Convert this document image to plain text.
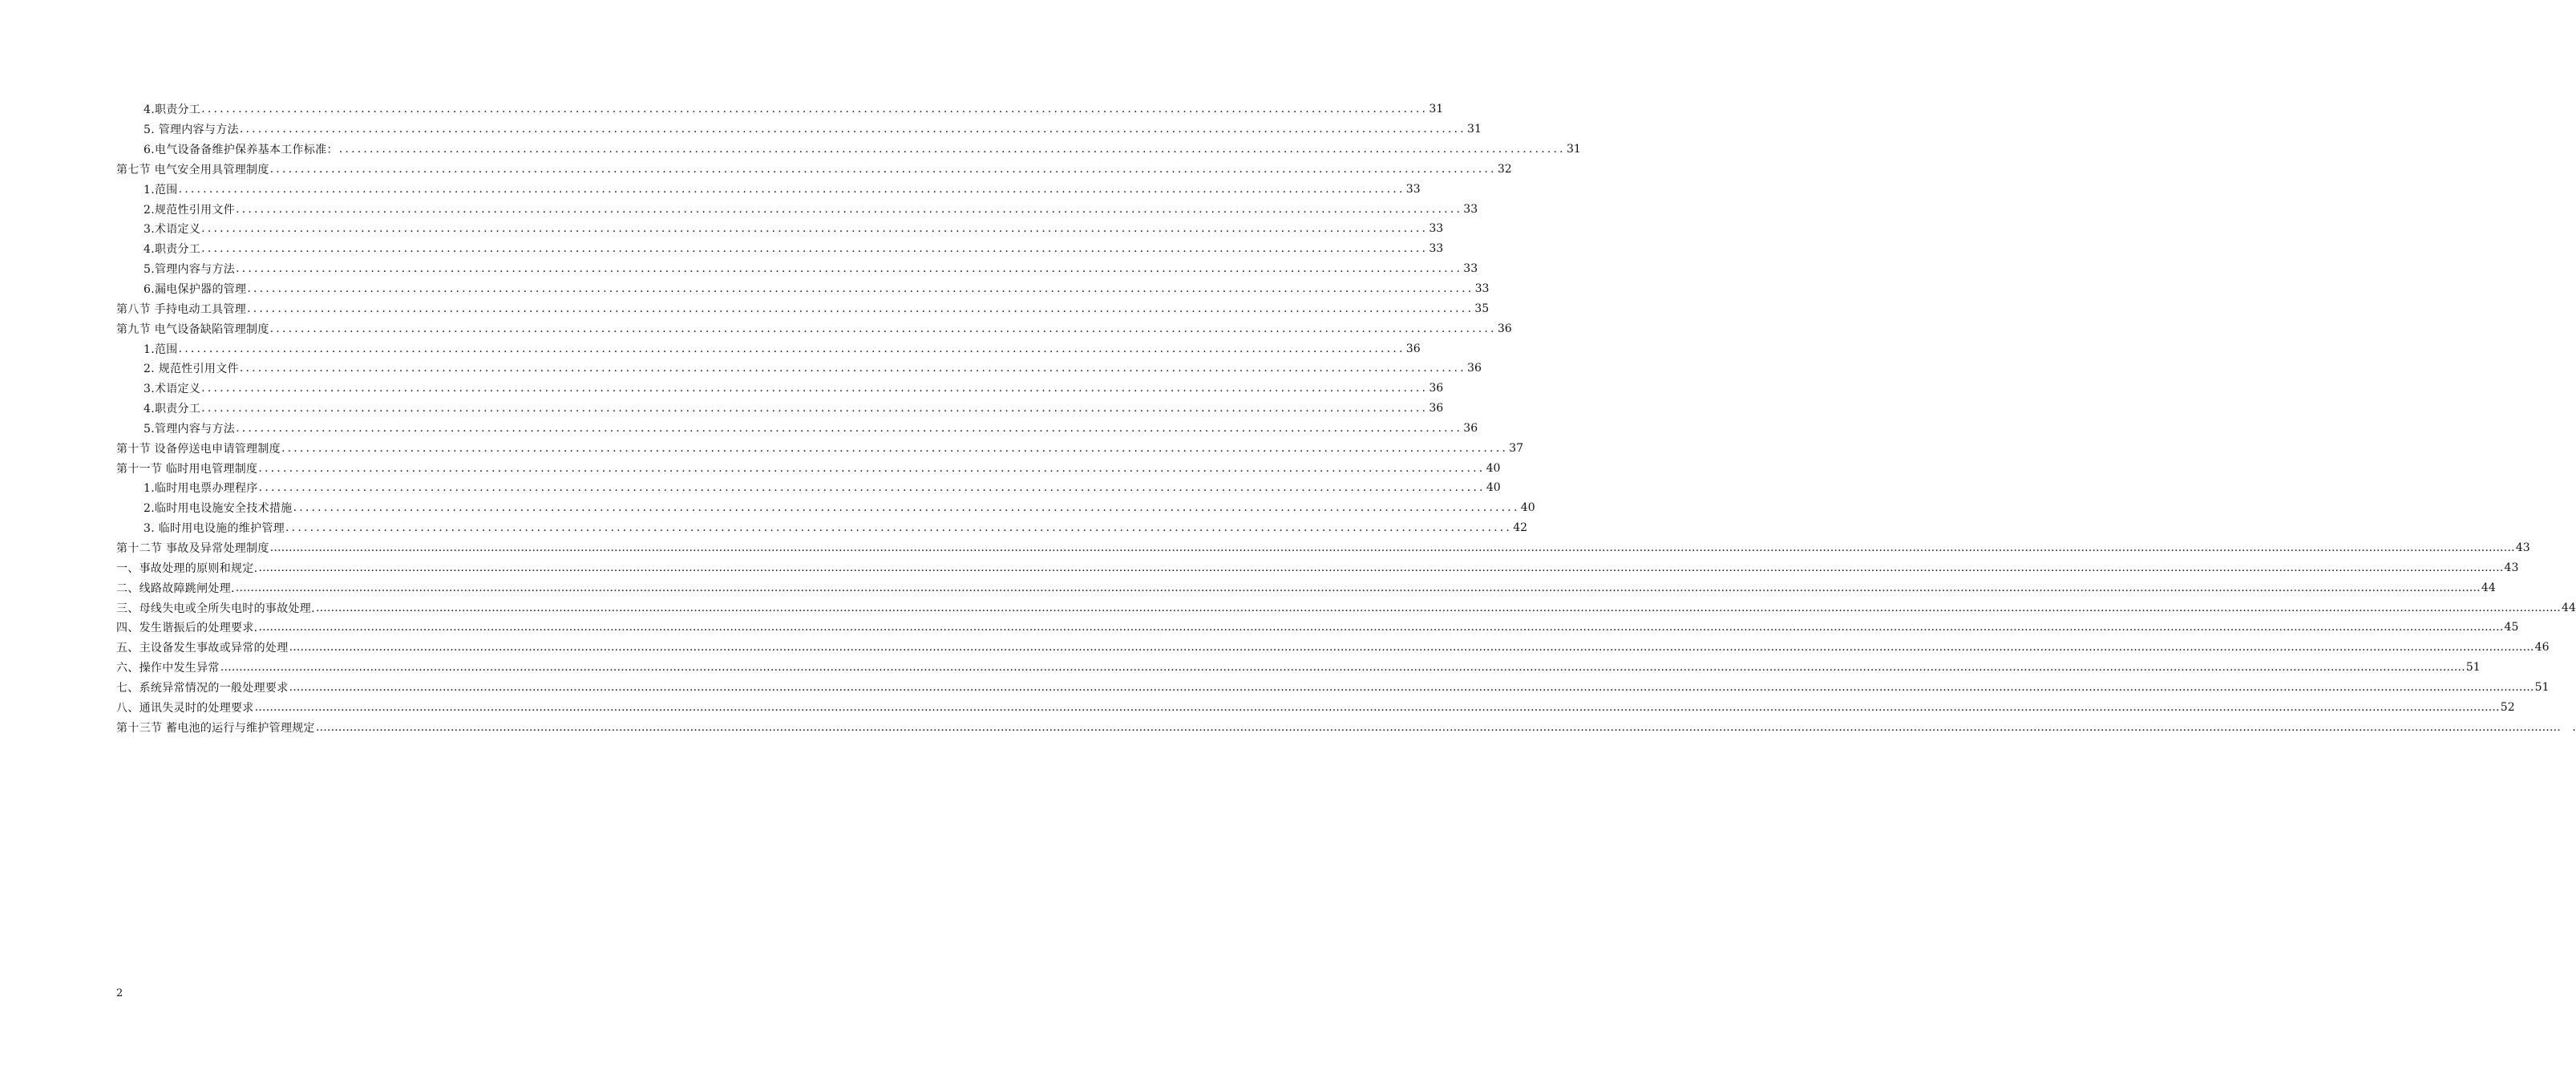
4.职责分工 ........................................................................................................................................................................................................ 31
5. 管理内容与方法 ........................................................................................................................................................................................................ 31
6.电气设备备维护保养基本工作标准： ........................................................................................................................................................................................................ 31
第七节 电气安全用具管理制度 ........................................................................................................................................................................................................ 32
1.范围 ........................................................................................................................................................................................................ 33
2.规范性引用文件 ........................................................................................................................................................................................................ 33
3.术语定义 ........................................................................................................................................................................................................ 33
4.职责分工 ........................................................................................................................................................................................................ 33
5.管理内容与方法 ........................................................................................................................................................................................................ 33
6.漏电保护器的管理 ........................................................................................................................................................................................................ 33
第八节 手持电动工具管理 ........................................................................................................................................................................................................ 35
第九节 电气设备缺陷管理制度 ........................................................................................................................................................................................................ 36
1.范围 ........................................................................................................................................................................................................ 36
2. 规范性引用文件 ........................................................................................................................................................................................................ 36
3.术语定义 ........................................................................................................................................................................................................ 36
4.职责分工 ........................................................................................................................................................................................................ 36
5.管理内容与方法 ........................................................................................................................................................................................................ 36
第十节 设备停送电申请管理制度 ........................................................................................................................................................................................................ 37
第十一节 临时用电管理制度 ........................................................................................................................................................................................................ 40
1.临时用电票办理程序 ........................................................................................................................................................................................................ 40
2.临时用电设施安全技术措施 ........................................................................................................................................................................................................ 40
3. 临时用电设施的维护管理 ........................................................................................................................................................................................................ 42
第十二节 事故及异常处理制度 …………………………………………………………………………………………………………………………………………………………………………………………………………………………………………………………………………………………………………………………………………………………………………………………………………………………………………………………………………………………………………………………………………………… 43
一、事故处理的原则和规定. …………………………………………………………………………………………………………………………………………………………………………………………………………………………………………………………………………………………………………………………………………………………………………………………………………………………………………………………………………………………………………………………………………………… 43
二、线路故障跳闸处理. …………………………………………………………………………………………………………………………………………………………………………………………………………………………………………………………………………………………………………………………………………………………………………………………………………………………………………………………………………………………………………………………………………………… 44
三、母线失电或全所失电时的事故处理. …………………………………………………………………………………………………………………………………………………………………………………………………………………………………………………………………………………………………………………………………………………………………………………………………………………………………………………………………………………………………………………………………………………… 44
四、发生谐振后的处理要求. …………………………………………………………………………………………………………………………………………………………………………………………………………………………………………………………………………………………………………………………………………………………………………………………………………………………………………………………………………………………………………………………………………………… 45
五、主设备发生事故或异常的处理 …………………………………………………………………………………………………………………………………………………………………………………………………………………………………………………………………………………………………………………………………………………………………………………………………………………………………………………………………………………………………………………………………………………… 46
六、操作中发生异常 …………………………………………………………………………………………………………………………………………………………………………………………………………………………………………………………………………………………………………………………………………………………………………………………………………………………………………………………………………………………………………………………………………………… 51
七、系统异常情况的一般处理要求 …………………………………………………………………………………………………………………………………………………………………………………………………………………………………………………………………………………………………………………………………………………………………………………………………………………………………………………………………………………………………………………………………………………… 51
八、通讯失灵时的处理要求 …………………………………………………………………………………………………………………………………………………………………………………………………………………………………………………………………………………………………………………………………………………………………………………………………………………………………………………………………………………………………………………………………………………… 52
第十三节 蓄电池的运行与维护管理规定 ……………………………………………………………………………………………………………………………………………………………………………………………………………………………………………………………………………………………………………………………………………………………………………………………………………………………………………………………………………………………………………………………………………………	.
2
